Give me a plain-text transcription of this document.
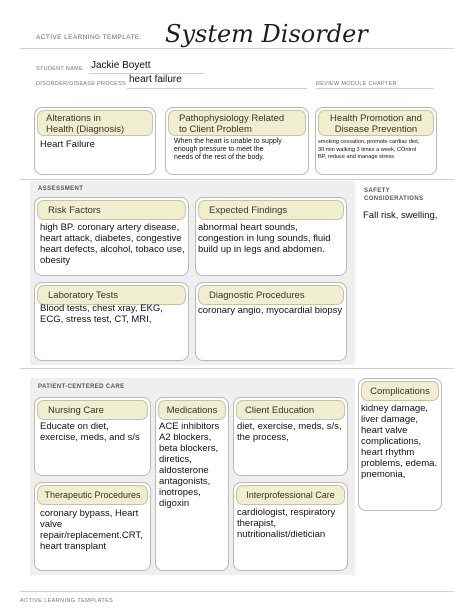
ACTIVE LEARNING TEMPLATE: System Disorder
STUDENT NAME Jackie Boyett
DISORDER/DISEASE PROCESS heart failure	REVIEW MODULE CHAPTER
Alterations in
Health (Diagnosis)
Heart Failure
Pathophysiology Related
to Client Problem
When the heart is unable to supply
enough pressure to meet the
needs of the rest of the body.
Health Promotion and
Disease Prevention
smoking cessation, promote cardiac diet,
30 min walking 3 times a week, COntrol
BP, reduce and manage stress
ASSESSMENT
Risk Factors
high BP. coronary artery disease,
heart attack, diabetes, congestive
heart defects, alcohol, tobaco use,
obesity
Expected Findings
abnormal heart sounds,
congestion in lung sounds, fluid
build up in legs and abdomen.
Laboratory Tests
Blood tests, chest xray, EKG,
ECG, stress test, CT, MRI,
Diagnostic Procedures
coronary angio, myocardial biopsy
SAFETY
CONSIDERATIONS
Fall risk, swelling,
PATIENT-CENTERED CARE
Nursing Care
Educate on diet,
exercise, meds, and s/s
Medications
ACE inhibitors
A2 blockers,
beta blockers,
diretics,
aldosterone
antagonists,
inotropes,
digoxin
Client Education
diet, exercise, meds, s/s,
the process,
Therapeutic Procedures
coronary bypass, Heart
valve
repair/replacement.CRT,
heart transplant
Interprofessional Care
cardiologist, respiratory
therapist,
nutritionalist/dietician
Complications
kidney damage,
liver damage,
heart valve
complications,
heart rhythm
problems, edema.
pnemonia,
ACTIVE LEARNING TEMPLATES
